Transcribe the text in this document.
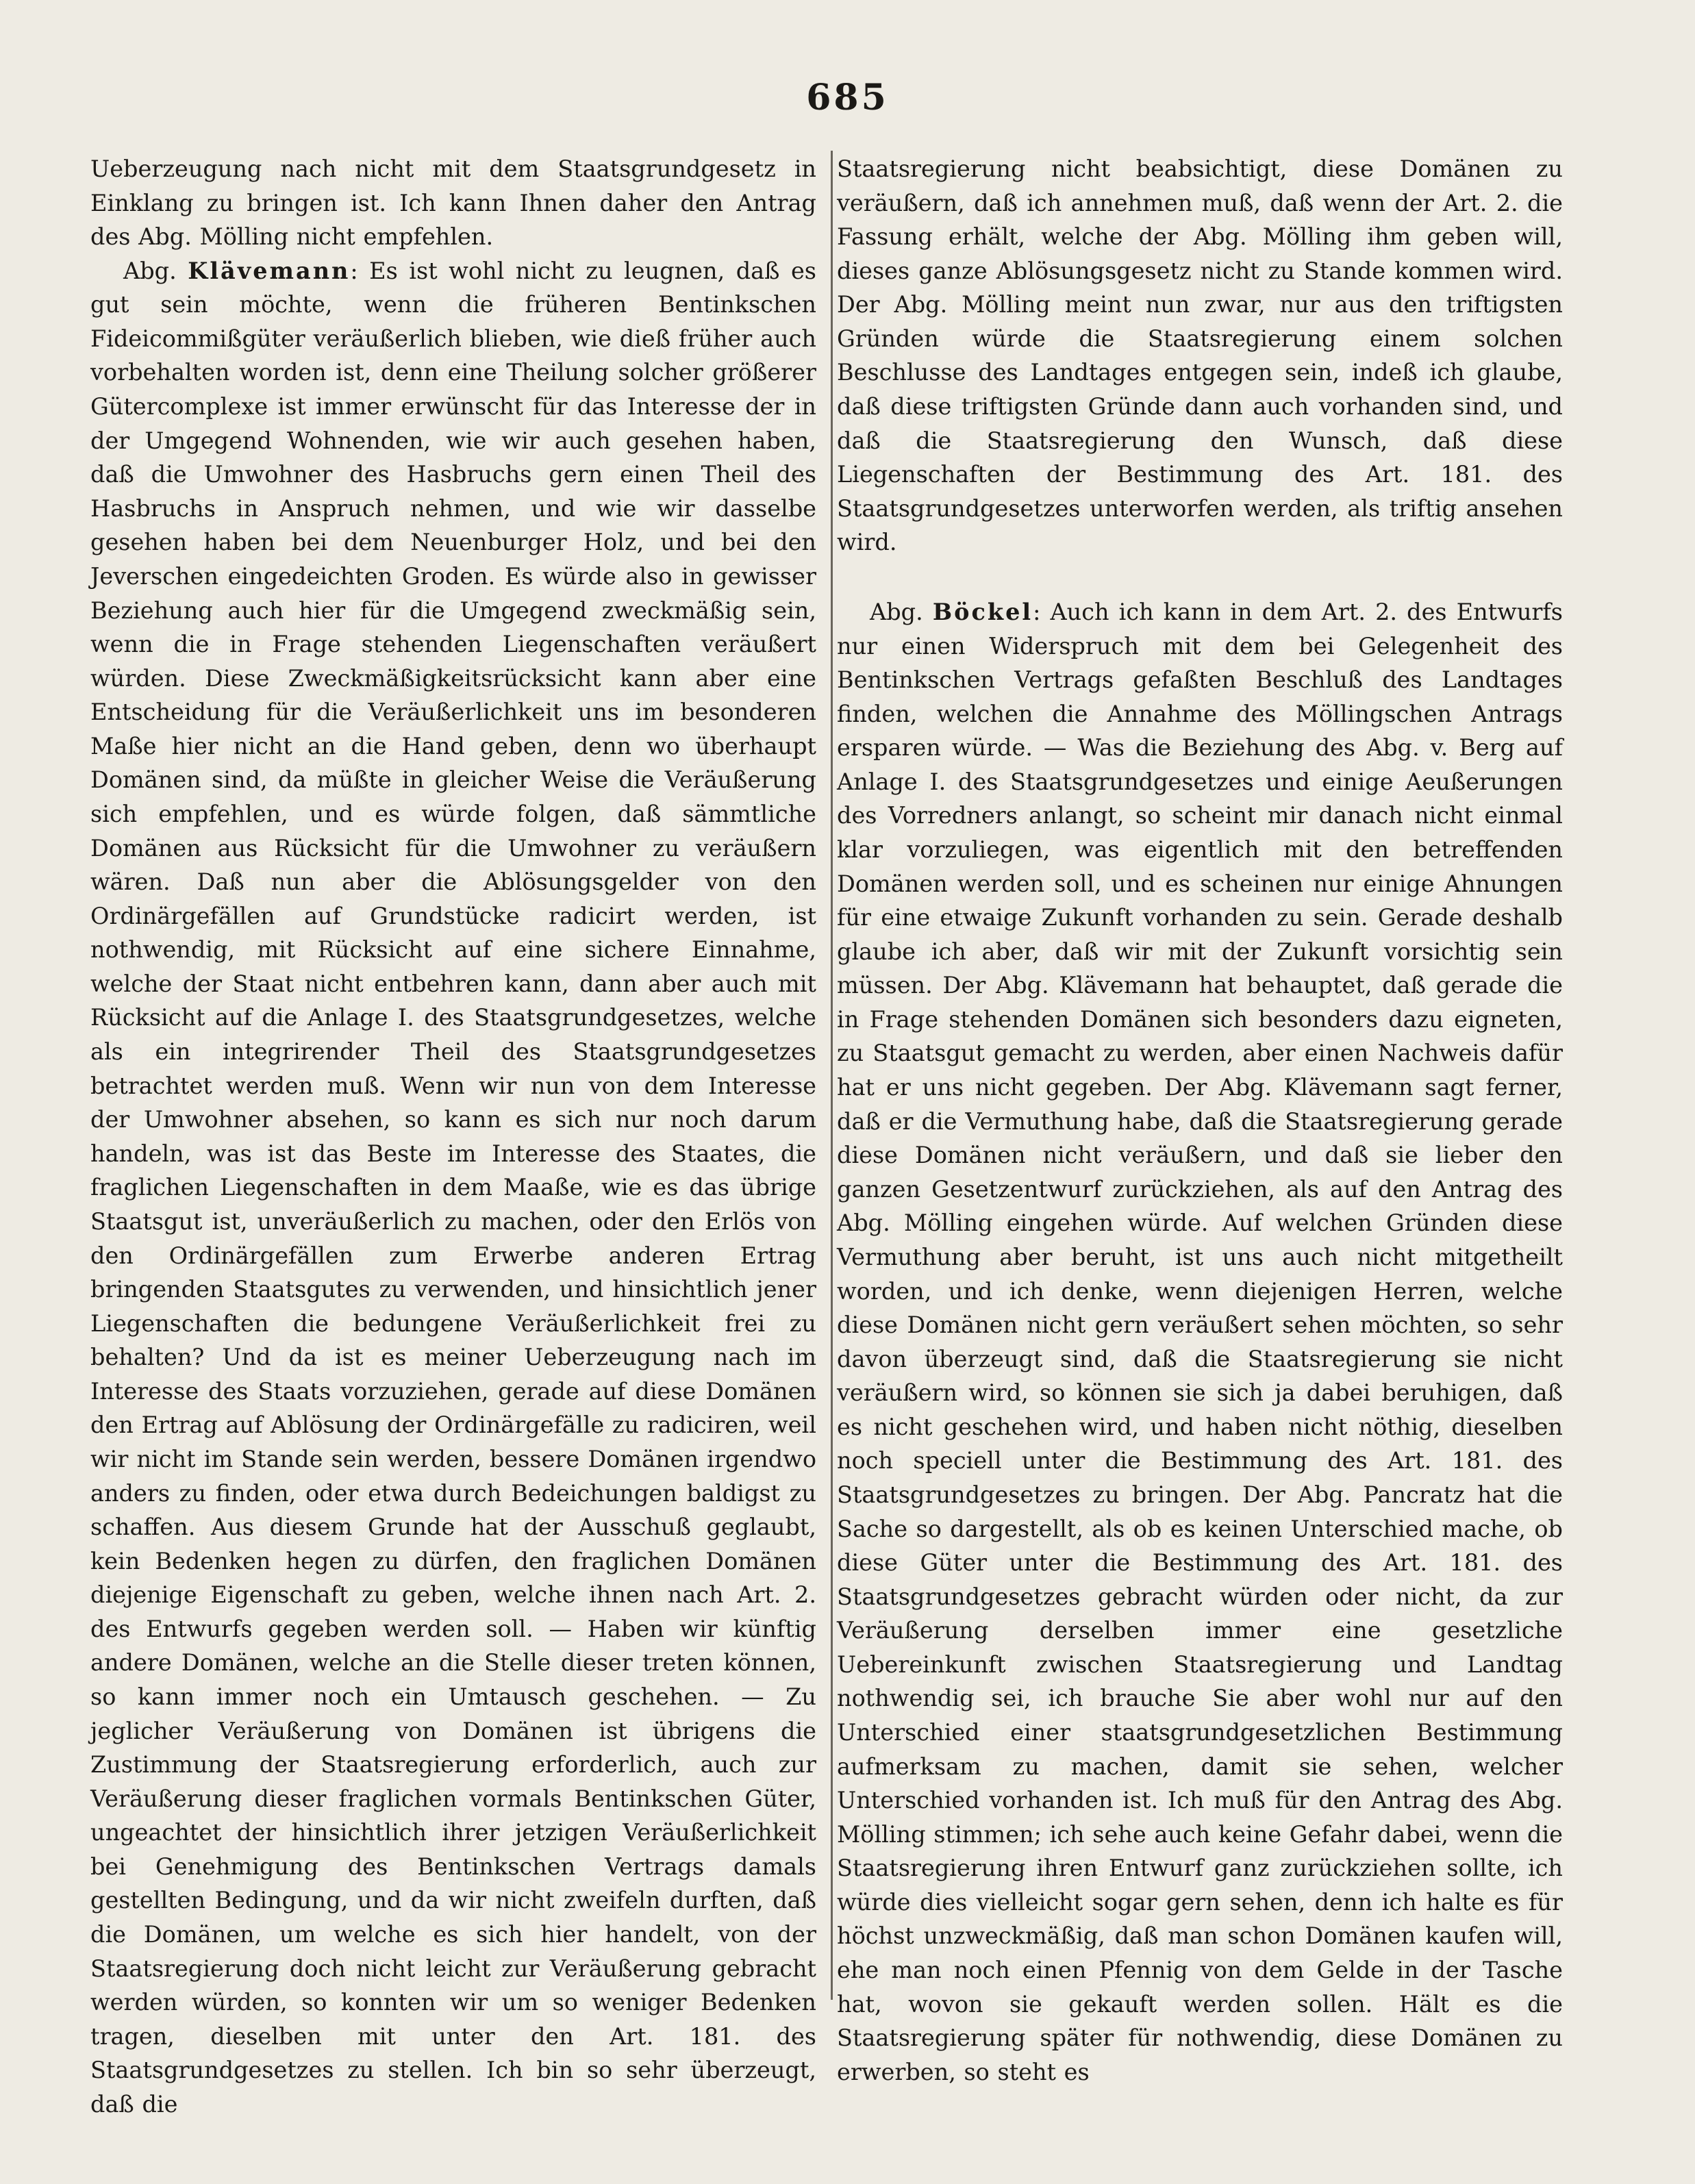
685

Ueberzeugung nach nicht mit dem Staatsgrundgesetz in Einklang zu bringen ist. Ich kann Ihnen daher den Antrag des Abg. Mölling nicht empfehlen.

Abg. Klävemann: Es ist wohl nicht zu leugnen, daß es gut sein möchte, wenn die früheren Bentinkschen Fideicommißgüter veräußerlich blieben, wie dieß früher auch vorbehalten worden ist, denn eine Theilung solcher größerer Gütercomplexe ist immer erwünscht für das Interesse der in der Umgegend Wohnenden, wie wir auch gesehen haben, daß die Umwohner des Hasbruchs gern einen Theil des Hasbruchs in Anspruch nehmen, und wie wir dasselbe gesehen haben bei dem Neuenburger Holz, und bei den Jeverschen eingedeichten Groden. Es würde also in gewisser Beziehung auch hier für die Umgegend zweckmäßig sein, wenn die in Frage stehenden Liegenschaften veräußert würden. Diese Zweckmäßigkeitsrücksicht kann aber eine Entscheidung für die Veräußerlichkeit uns im besonderen Maße hier nicht an die Hand geben, denn wo überhaupt Domänen sind, da müßte in gleicher Weise die Veräußerung sich empfehlen, und es würde folgen, daß sämmtliche Domänen aus Rücksicht für die Umwohner zu veräußern wären. Daß nun aber die Ablösungsgelder von den Ordinärgefällen auf Grundstücke radicirt werden, ist nothwendig, mit Rücksicht auf eine sichere Einnahme, welche der Staat nicht entbehren kann, dann aber auch mit Rücksicht auf die Anlage I. des Staatsgrundgesetzes, welche als ein integrirender Theil des Staatsgrundgesetzes betrachtet werden muß. Wenn wir nun von dem Interesse der Umwohner absehen, so kann es sich nur noch darum handeln, was ist das Beste im Interesse des Staates, die fraglichen Liegenschaften in dem Maaße, wie es das übrige Staatsgut ist, unveräußerlich zu machen, oder den Erlös von den Ordinärgefällen zum Erwerbe anderen Ertrag bringenden Staatsgutes zu verwenden, und hinsichtlich jener Liegenschaften die bedungene Veräußerlichkeit frei zu behalten? Und da ist es meiner Ueberzeugung nach im Interesse des Staats vorzuziehen, gerade auf diese Domänen den Ertrag auf Ablösung der Ordinärgefälle zu radiciren, weil wir nicht im Stande sein werden, bessere Domänen irgendwo anders zu finden, oder etwa durch Bedeichungen baldigst zu schaffen. Aus diesem Grunde hat der Ausschuß geglaubt, kein Bedenken hegen zu dürfen, den fraglichen Domänen diejenige Eigenschaft zu geben, welche ihnen nach Art. 2. des Entwurfs gegeben werden soll. — Haben wir künftig andere Domänen, welche an die Stelle dieser treten können, so kann immer noch ein Umtausch geschehen. — Zu jeglicher Veräußerung von Domänen ist übrigens die Zustimmung der Staatsregierung erforderlich, auch zur Veräußerung dieser fraglichen vormals Bentinkschen Güter, ungeachtet der hinsichtlich ihrer jetzigen Veräußerlichkeit bei Genehmigung des Bentinkschen Vertrags damals gestellten Bedingung, und da wir nicht zweifeln durften, daß die Domänen, um welche es sich hier handelt, von der Staatsregierung doch nicht leicht zur Veräußerung gebracht werden würden, so konnten wir um so weniger Bedenken tragen, dieselben mit unter den Art. 181. des Staatsgrundgesetzes zu stellen. Ich bin so sehr überzeugt, daß die

Staatsregierung nicht beabsichtigt, diese Domänen zu veräußern, daß ich annehmen muß, daß wenn der Art. 2. die Fassung erhält, welche der Abg. Mölling ihm geben will, dieses ganze Ablösungsgesetz nicht zu Stande kommen wird. Der Abg. Mölling meint nun zwar, nur aus den triftigsten Gründen würde die Staatsregierung einem solchen Beschlusse des Landtages entgegen sein, indeß ich glaube, daß diese triftigsten Gründe dann auch vorhanden sind, und daß die Staatsregierung den Wunsch, daß diese Liegenschaften der Bestimmung des Art. 181. des Staatsgrundgesetzes unterworfen werden, als triftig ansehen wird.

Abg. Böckel: Auch ich kann in dem Art. 2. des Entwurfs nur einen Widerspruch mit dem bei Gelegenheit des Bentinkschen Vertrags gefaßten Beschluß des Landtages finden, welchen die Annahme des Möllingschen Antrags ersparen würde. — Was die Beziehung des Abg. v. Berg auf Anlage I. des Staatsgrundgesetzes und einige Aeußerungen des Vorredners anlangt, so scheint mir danach nicht einmal klar vorzuliegen, was eigentlich mit den betreffenden Domänen werden soll, und es scheinen nur einige Ahnungen für eine etwaige Zukunft vorhanden zu sein. Gerade deshalb glaube ich aber, daß wir mit der Zukunft vorsichtig sein müssen. Der Abg. Klävemann hat behauptet, daß gerade die in Frage stehenden Domänen sich besonders dazu eigneten, zu Staatsgut gemacht zu werden, aber einen Nachweis dafür hat er uns nicht gegeben. Der Abg. Klävemann sagt ferner, daß er die Vermuthung habe, daß die Staatsregierung gerade diese Domänen nicht veräußern, und daß sie lieber den ganzen Gesetzentwurf zurückziehen, als auf den Antrag des Abg. Mölling eingehen würde. Auf welchen Gründen diese Vermuthung aber beruht, ist uns auch nicht mitgetheilt worden, und ich denke, wenn diejenigen Herren, welche diese Domänen nicht gern veräußert sehen möchten, so sehr davon überzeugt sind, daß die Staatsregierung sie nicht veräußern wird, so können sie sich ja dabei beruhigen, daß es nicht geschehen wird, und haben nicht nöthig, dieselben noch speciell unter die Bestimmung des Art. 181. des Staatsgrundgesetzes zu bringen. Der Abg. Pancratz hat die Sache so dargestellt, als ob es keinen Unterschied mache, ob diese Güter unter die Bestimmung des Art. 181. des Staatsgrundgesetzes gebracht würden oder nicht, da zur Veräußerung derselben immer eine gesetzliche Uebereinkunft zwischen Staatsregierung und Landtag nothwendig sei, ich brauche Sie aber wohl nur auf den Unterschied einer staatsgrundgesetzlichen Bestimmung aufmerksam zu machen, damit sie sehen, welcher Unterschied vorhanden ist. Ich muß für den Antrag des Abg. Mölling stimmen; ich sehe auch keine Gefahr dabei, wenn die Staatsregierung ihren Entwurf ganz zurückziehen sollte, ich würde dies vielleicht sogar gern sehen, denn ich halte es für höchst unzweckmäßig, daß man schon Domänen kaufen will, ehe man noch einen Pfennig von dem Gelde in der Tasche hat, wovon sie gekauft werden sollen. Hält es die Staatsregierung später für nothwendig, diese Domänen zu erwerben, so steht es
